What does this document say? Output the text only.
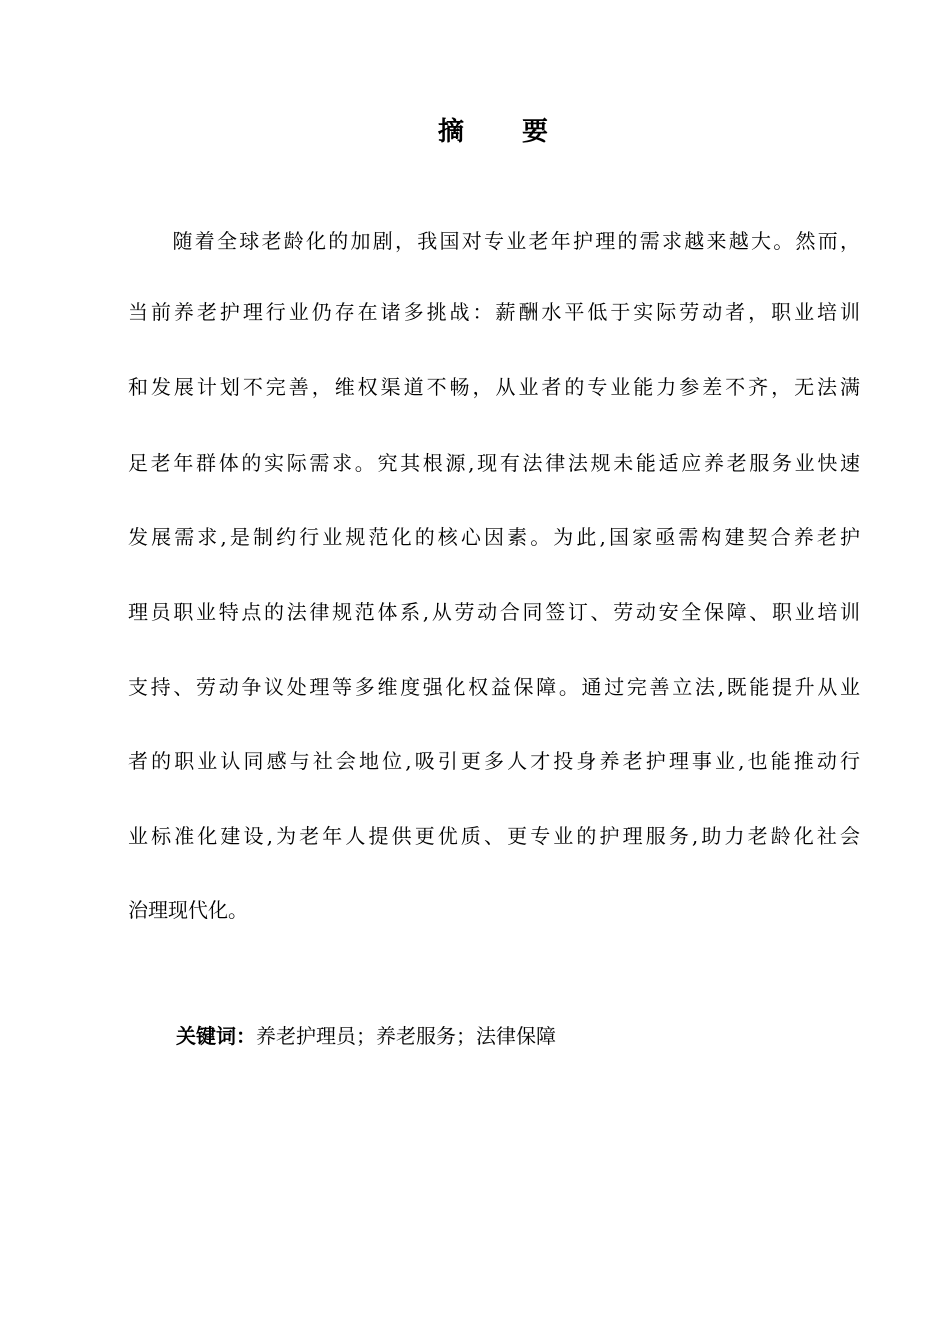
摘　　要
　　随着全球老龄化的加剧，我国对专业老年护理的需求越来越大。然而，
当前养老护理行业仍存在诸多挑战：薪酬水平低于实际劳动者，职业培训
和发展计划不完善，维权渠道不畅，从业者的专业能力参差不齐，无法满
足老年群体的实际需求。究其根源,现有法律法规未能适应养老服务业快速
发展需求,是制约行业规范化的核心因素。为此,国家亟需构建契合养老护
理员职业特点的法律规范体系,从劳动合同签订、劳动安全保障、职业培训
支持、劳动争议处理等多维度强化权益保障。通过完善立法,既能提升从业
者的职业认同感与社会地位,吸引更多人才投身养老护理事业,也能推动行
业标准化建设,为老年人提供更优质、更专业的护理服务,助力老龄化社会
治理现代化。
关键词：养老护理员；养老服务；法律保障
